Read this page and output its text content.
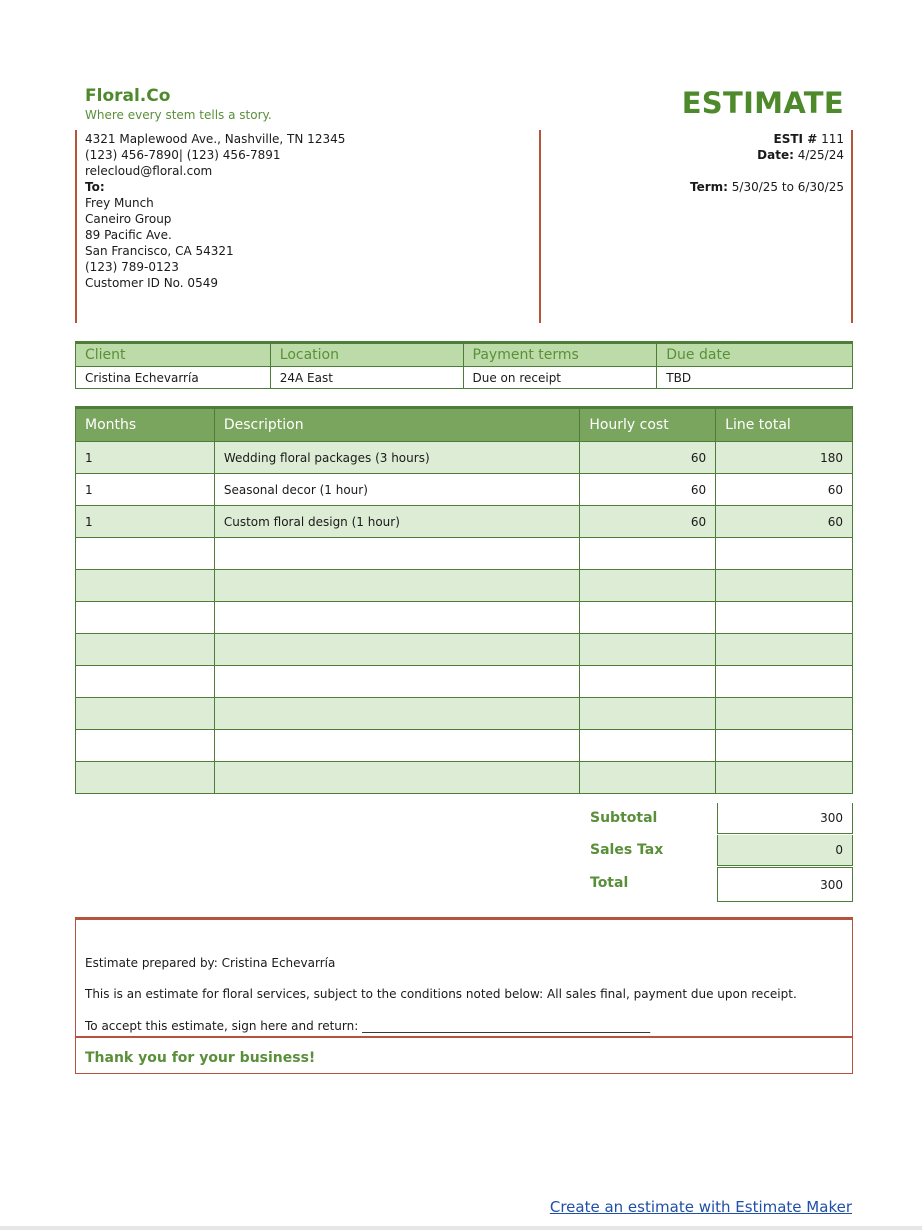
Floral.Co
Where every stem tells a story.	ESTIMATE
4321 Maplewood Ave., Nashville, TN 12345
(123) 456-7890| (123) 456-7891
relecloud@floral.com
To:
Frey Munch
Caneiro Group
89 Pacific Ave.
San Francisco, CA 54321
(123) 789-0123
Customer ID No. 0549
ESTI # 111
Date: 4/25/24
Term: 5/30/25 to 6/30/25
Client	Location	Payment terms	Due date
Cristina Echevarría	24A East	Due on receipt	TBD
Months	Description	Hourly cost	Line total
1	Wedding floral packages (3 hours)	60	180
1	Seasonal decor (1 hour)	60	60
1	Custom floral design (1 hour)	60	60

Subtotal	300
Sales Tax	0
Total	300
Estimate prepared by: Cristina Echevarría
This is an estimate for floral services, subject to the conditions noted below: All sales final, payment due upon receipt.
To accept this estimate, sign here and return: ________________________________________________
Thank you for your business!
Create an estimate with Estimate Maker
